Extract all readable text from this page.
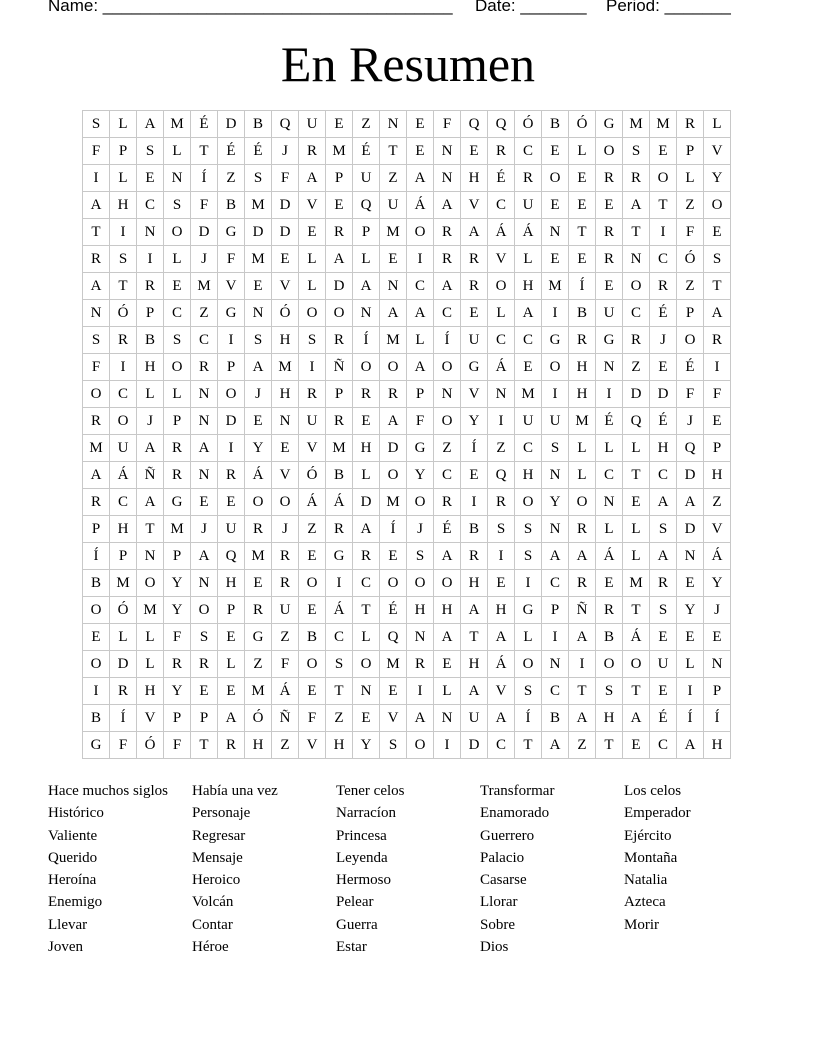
Name: _____________________________________ Date: _______ Period: _______
En Resumen
S	L	A	M	É	D	B	Q	U	E	Z	N	E	F	Q	Q	Ó	B	Ó	G	M	M	R	L
F	P	S	L	T	É	É	J	R	M	É	T	E	N	E	R	C	E	L	O	S	E	P	V
I	L	E	N	Í	Z	S	F	A	P	U	Z	A	N	H	É	R	O	E	R	R	O	L	Y
A	H	C	S	F	B	M	D	V	E	Q	U	Á	A	V	C	U	E	E	E	A	T	Z	O
T	I	N	O	D	G	D	D	E	R	P	M	O	R	A	Á	Á	N	T	R	T	I	F	E
R	S	I	L	J	F	M	E	L	A	L	E	I	R	R	V	L	E	E	R	N	C	Ó	S
A	T	R	E	M	V	E	V	L	D	A	N	C	A	R	O	H	M	Í	E	O	R	Z	T
N	Ó	P	C	Z	G	N	Ó	O	O	N	A	A	C	E	L	A	I	B	U	C	É	P	A
S	R	B	S	C	I	S	H	S	R	Í	M	L	Í	U	C	C	G	R	G	R	J	O	R
F	I	H	O	R	P	A	M	I	Ñ	O	O	A	O	G	Á	E	O	H	N	Z	E	É	I
O	C	L	L	N	O	J	H	R	P	R	R	P	N	V	N	M	I	H	I	D	D	F	F
R	O	J	P	N	D	E	N	U	R	E	A	F	O	Y	I	U	U	M	É	Q	É	J	E
M	U	A	R	A	I	Y	E	V	M	H	D	G	Z	Í	Z	C	S	L	L	L	H	Q	P
A	Á	Ñ	R	N	R	Á	V	Ó	B	L	O	Y	C	E	Q	H	N	L	C	T	C	D	H
R	C	A	G	E	E	O	O	Á	Á	D	M	O	R	I	R	O	Y	O	N	E	A	A	Z
P	H	T	M	J	U	R	J	Z	R	A	Í	J	É	B	S	S	N	R	L	L	S	D	V
Í	P	N	P	A	Q	M	R	E	G	R	E	S	A	R	I	S	A	A	Á	L	A	N	Á
B	M	O	Y	N	H	E	R	O	I	C	O	O	O	H	E	I	C	R	E	M	R	E	Y
O	Ó	M	Y	O	P	R	U	E	Á	T	É	H	H	A	H	G	P	Ñ	R	T	S	Y	J
E	L	L	F	S	E	G	Z	B	C	L	Q	N	A	T	A	L	I	A	B	Á	E	E	E
O	D	L	R	R	L	Z	F	O	S	O	M	R	E	H	Á	O	N	I	O	O	U	L	N
I	R	H	Y	E	E	M	Á	E	T	N	E	I	L	A	V	S	C	T	S	T	E	I	P
B	Í	V	P	P	A	Ó	Ñ	F	Z	E	V	A	N	U	A	Í	B	A	H	A	É	Í	Í
G	F	Ó	F	T	R	H	Z	V	H	Y	S	O	I	D	C	T	A	Z	T	E	C	A	H
Hace muchos siglos
Histórico
Valiente
Querido
Heroína
Enemigo
Llevar
Joven
Había una vez
Personaje
Regresar
Mensaje
Heroico
Volcán
Contar
Héroe
Tener celos
Narracíon
Princesa
Leyenda
Hermoso
Pelear
Guerra
Estar
Transformar
Enamorado
Guerrero
Palacio
Casarse
Llorar
Sobre
Dios
Los celos
Emperador
Ejército
Montaña
Natalia
Azteca
Morir
